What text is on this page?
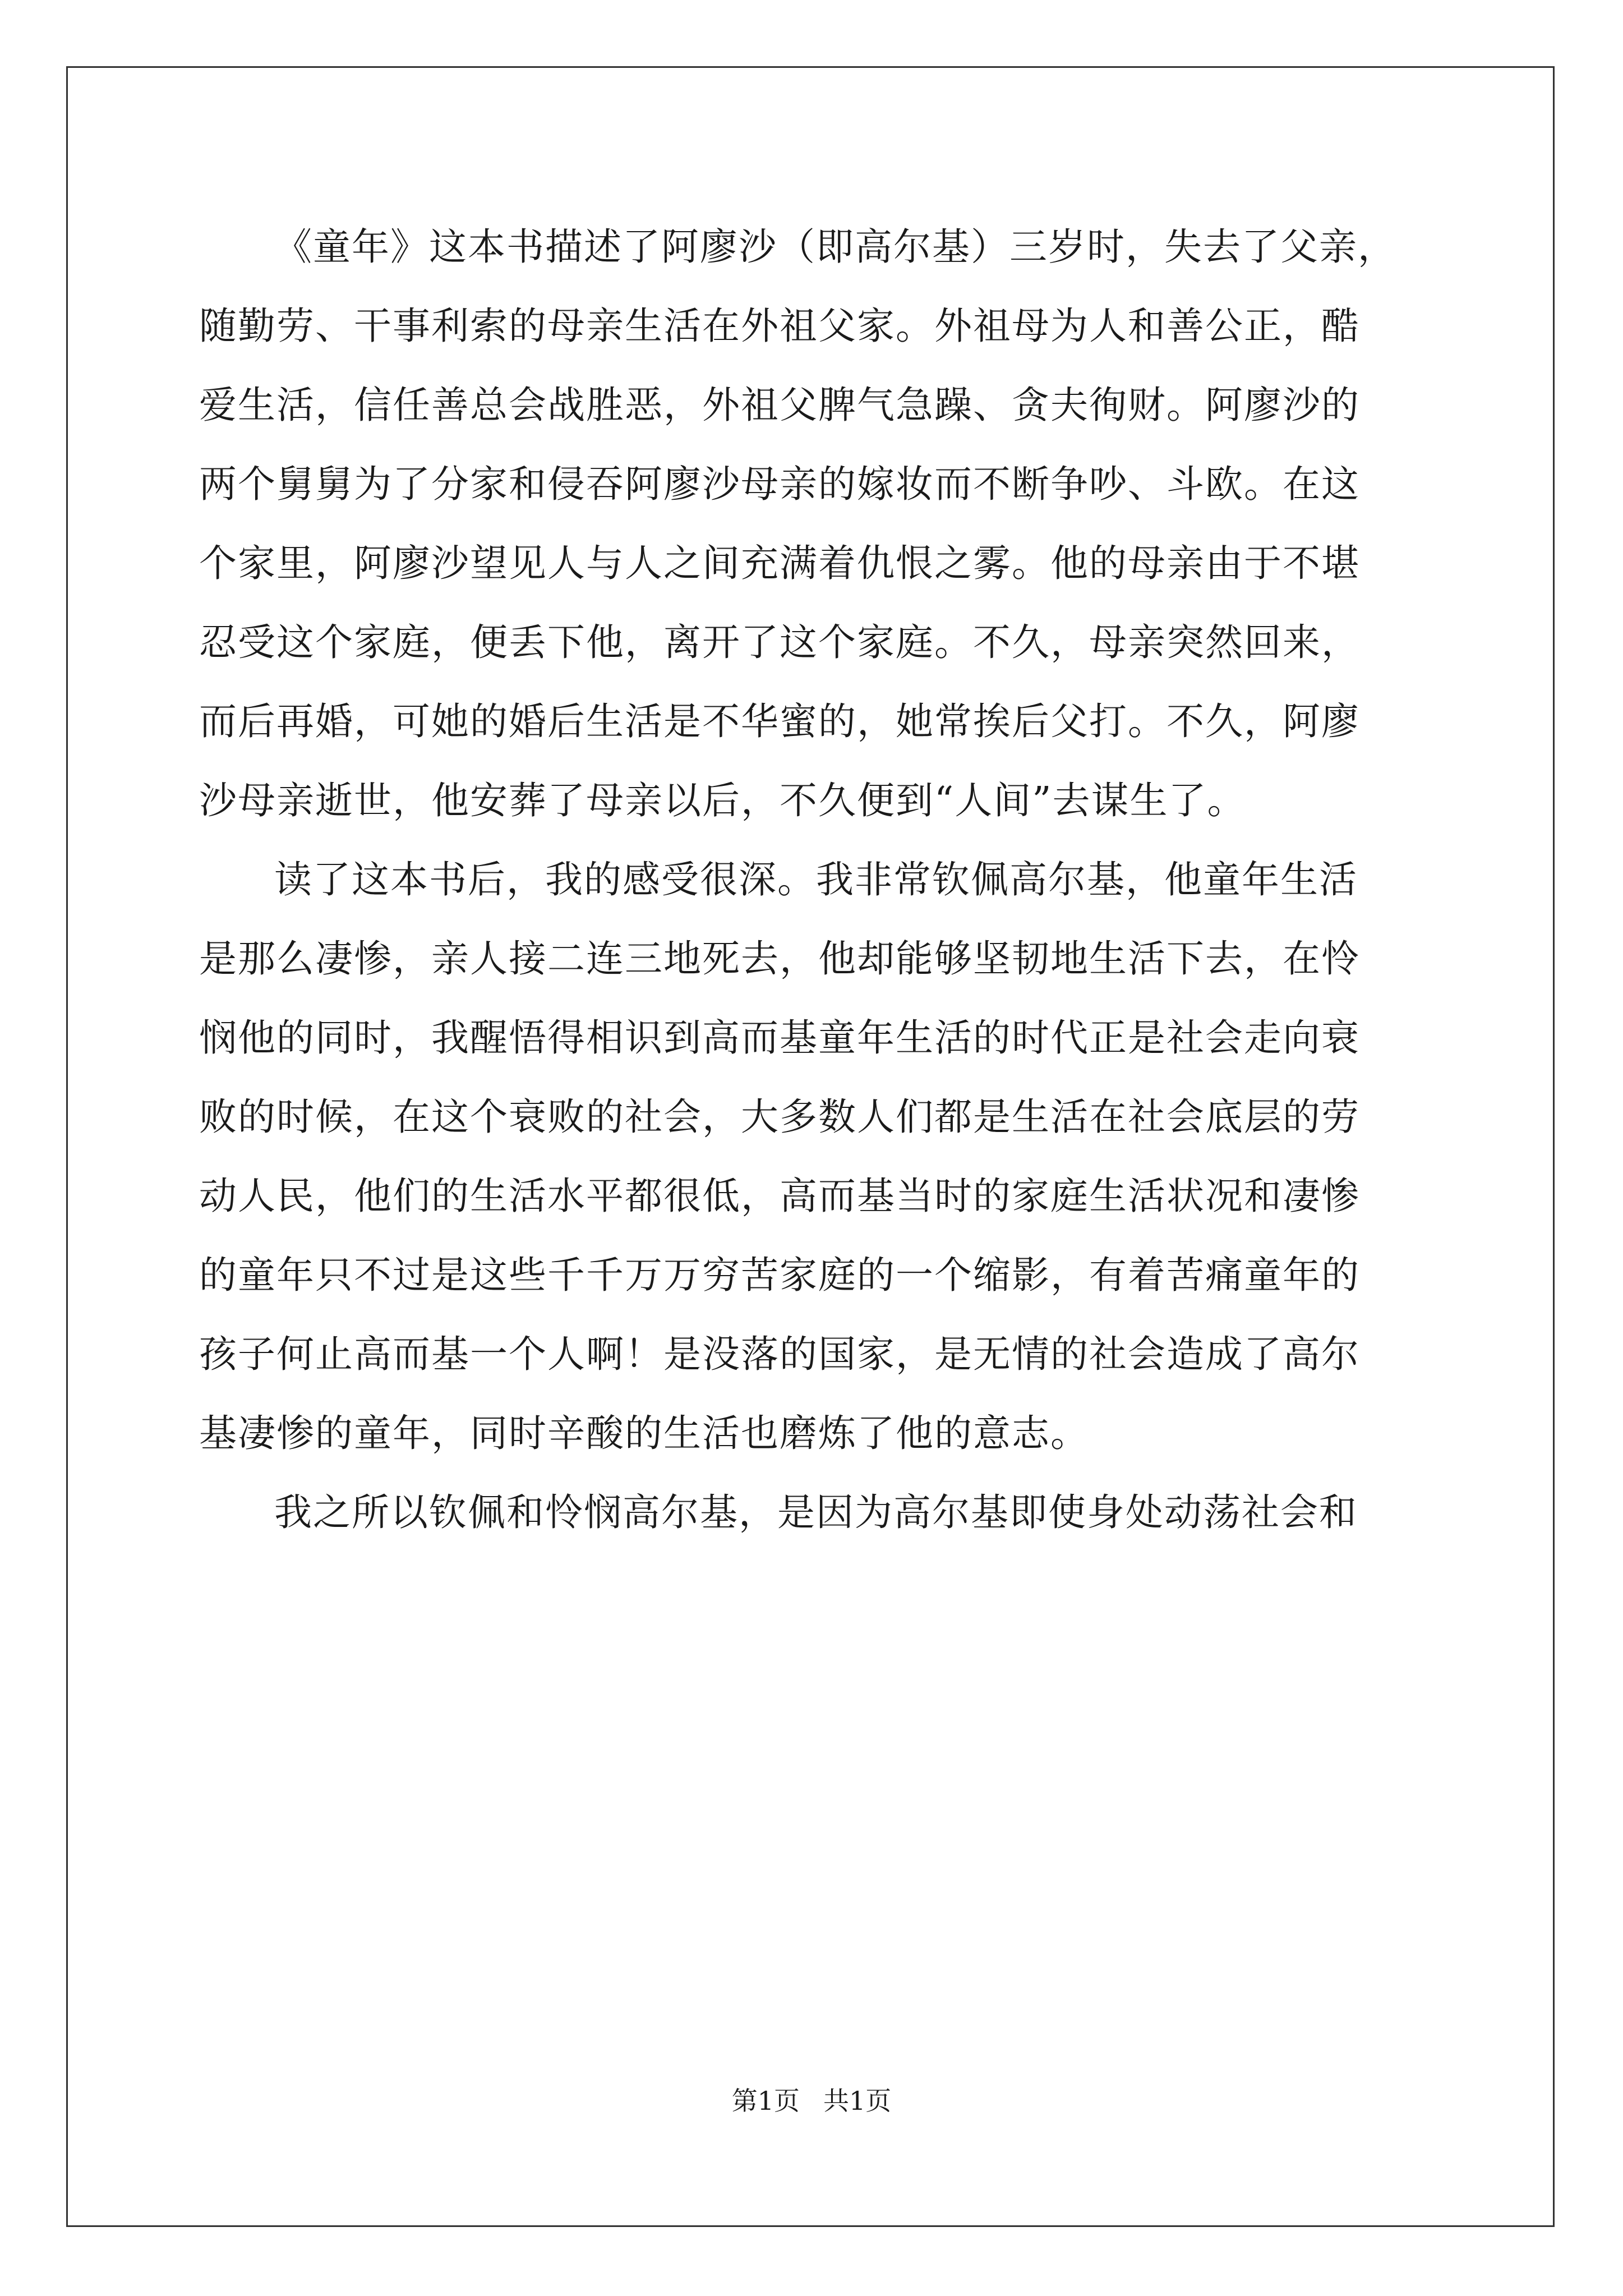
《童年》这本书描述了阿廖沙（即高尔基）三岁时，失去了父亲，
随勤劳、干事利索的母亲生活在外祖父家。外祖母为人和善公正，酷
爱生活，信任善总会战胜恶，外祖父脾气急躁、贪夫徇财。阿廖沙的
两个舅舅为了分家和侵吞阿廖沙母亲的嫁妆而不断争吵、斗欧。在这
个家里，阿廖沙望见人与人之间充满着仇恨之雾。他的母亲由于不堪
忍受这个家庭，便丢下他，离开了这个家庭。不久，母亲突然回来，
而后再婚，可她的婚后生活是不华蜜的，她常挨后父打。不久，阿廖
沙母亲逝世，他安葬了母亲以后，不久便到“人间”去谋生了。
读了这本书后，我的感受很深。我非常钦佩高尔基，他童年生活
是那么凄惨，亲人接二连三地死去，他却能够坚韧地生活下去，在怜
悯他的同时，我醒悟得相识到高而基童年生活的时代正是社会走向衰
败的时候，在这个衰败的社会，大多数人们都是生活在社会底层的劳
动人民，他们的生活水平都很低，高而基当时的家庭生活状况和凄惨
的童年只不过是这些千千万万穷苦家庭的一个缩影，有着苦痛童年的
孩子何止高而基一个人啊！是没落的国家，是无情的社会造成了高尔
基凄惨的童年，同时辛酸的生活也磨炼了他的意志。
我之所以钦佩和怜悯高尔基，是因为高尔基即使身处动荡社会和
第1页 共1页
